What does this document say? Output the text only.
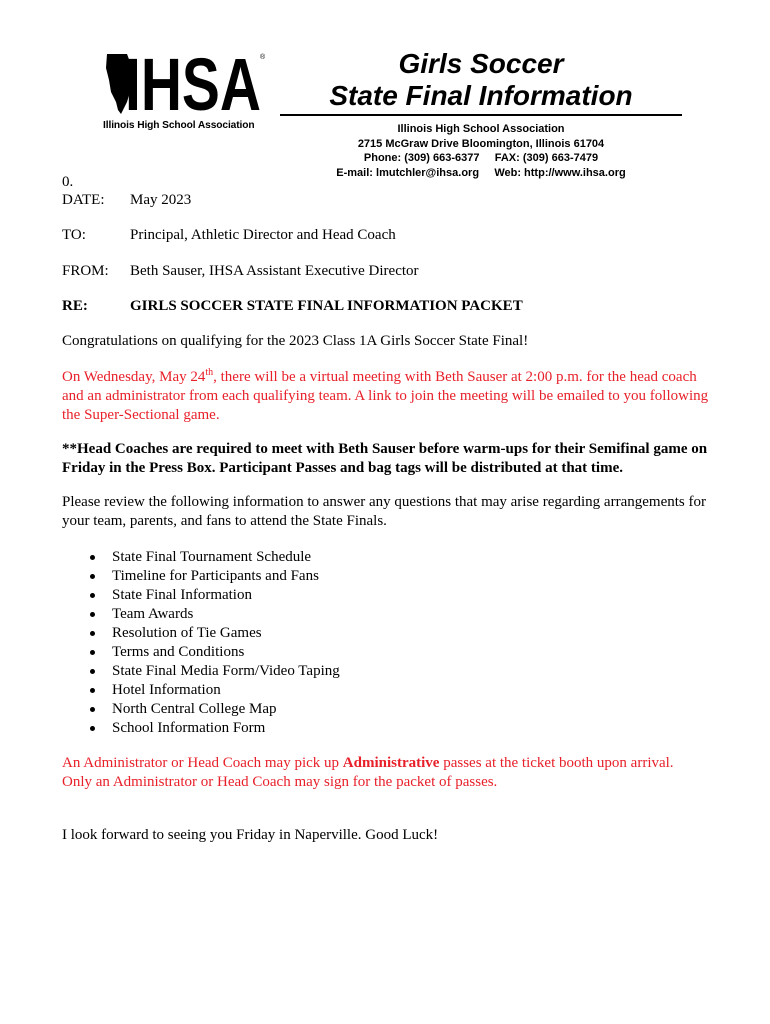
IHSA ®
Illinois High School Association
Girls Soccer
State Final Information
Illinois High School Association
2715 McGraw Drive Bloomington, Illinois 61704
Phone: (309) 663-6377     FAX: (309) 663-7479
E-mail: lmutchler@ihsa.org     Web: http://www.ihsa.org
0.
DATE: May 2023
TO:	Principal, Athletic Director and Head Coach
FROM: Beth Sauser, IHSA Assistant Executive Director
RE:	GIRLS SOCCER STATE FINAL INFORMATION PACKET
Congratulations on qualifying for the 2023 Class 1A Girls Soccer State Final!
On Wednesday, May 24th, there will be a virtual meeting with Beth Sauser at 2:00 p.m. for the head coach and an administrator from each qualifying team. A link to join the meeting will be emailed to you following the Super-Sectional game.
**Head Coaches are required to meet with Beth Sauser before warm-ups for their Semifinal game on Friday in the Press Box. Participant Passes and bag tags will be distributed at that time.
Please review the following information to answer any questions that may arise regarding arrangements for your team, parents, and fans to attend the State Finals.
State Final Tournament Schedule
Timeline for Participants and Fans
State Final Information
Team Awards
Resolution of Tie Games
Terms and Conditions
State Final Media Form/Video Taping
Hotel Information
North Central College Map
School Information Form
An Administrator or Head Coach may pick up Administrative passes at the ticket booth upon arrival.
Only an Administrator or Head Coach may sign for the packet of passes.
I look forward to seeing you Friday in Naperville. Good Luck!
